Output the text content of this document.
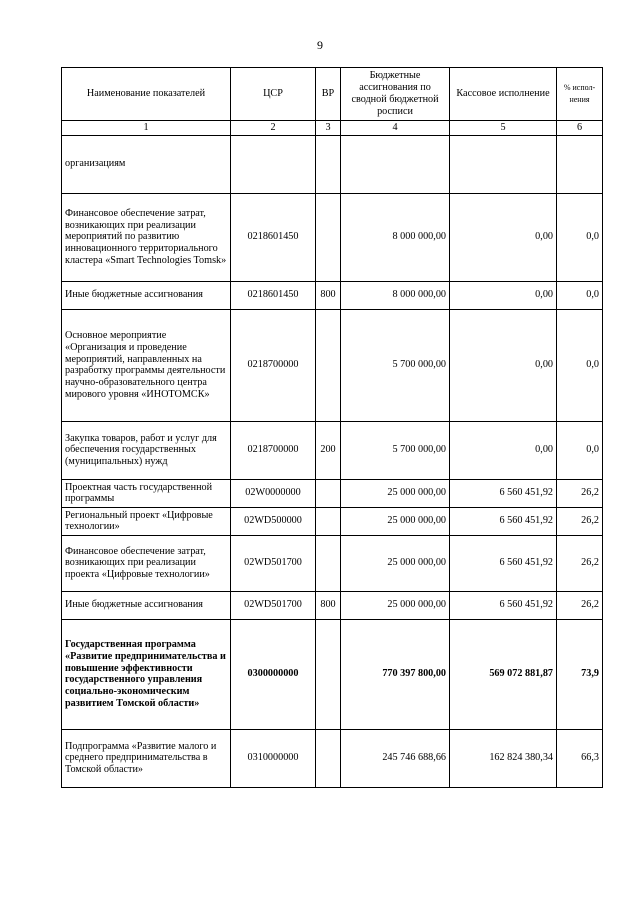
9
Наименование показателей	ЦСР	ВР	Бюджетные ассигнования по сводной бюджетной росписи	Кассовое исполнение	% испол-нения
1	2	3	4	5	6
организациям					
Финансовое обеспечение затрат, возникающих при реализации мероприятий по развитию инновационного территориального кластера «Smart Technologies Tomsk»	0218601450		8 000 000,00	0,00	0,0
Иные бюджетные ассигнования	0218601450	800	8 000 000,00	0,00	0,0
Основное мероприятие «Организация и проведение мероприятий, направленных на разработку программы деятельности научно-образовательного центра мирового уровня «ИНОТОМСК»	0218700000		5 700 000,00	0,00	0,0
Закупка товаров, работ и услуг для обеспечения государственных (муниципальных) нужд	0218700000	200	5 700 000,00	0,00	0,0
Проектная часть государственной программы	02W0000000		25 000 000,00	6 560 451,92	26,2
Региональный проект «Цифровые технологии»	02WD500000		25 000 000,00	6 560 451,92	26,2
Финансовое обеспечение затрат, возникающих при реализации проекта «Цифровые технологии»	02WD501700		25 000 000,00	6 560 451,92	26,2
Иные бюджетные ассигнования	02WD501700	800	25 000 000,00	6 560 451,92	26,2
Государственная программа «Развитие предпринимательства и повышение эффективности государственного управления социально-экономическим развитием Томской области»	0300000000		770 397 800,00	569 072 881,87	73,9
Подпрограмма «Развитие малого и среднего предпринимательства в Томской области»	0310000000		245 746 688,66	162 824 380,34	66,3
